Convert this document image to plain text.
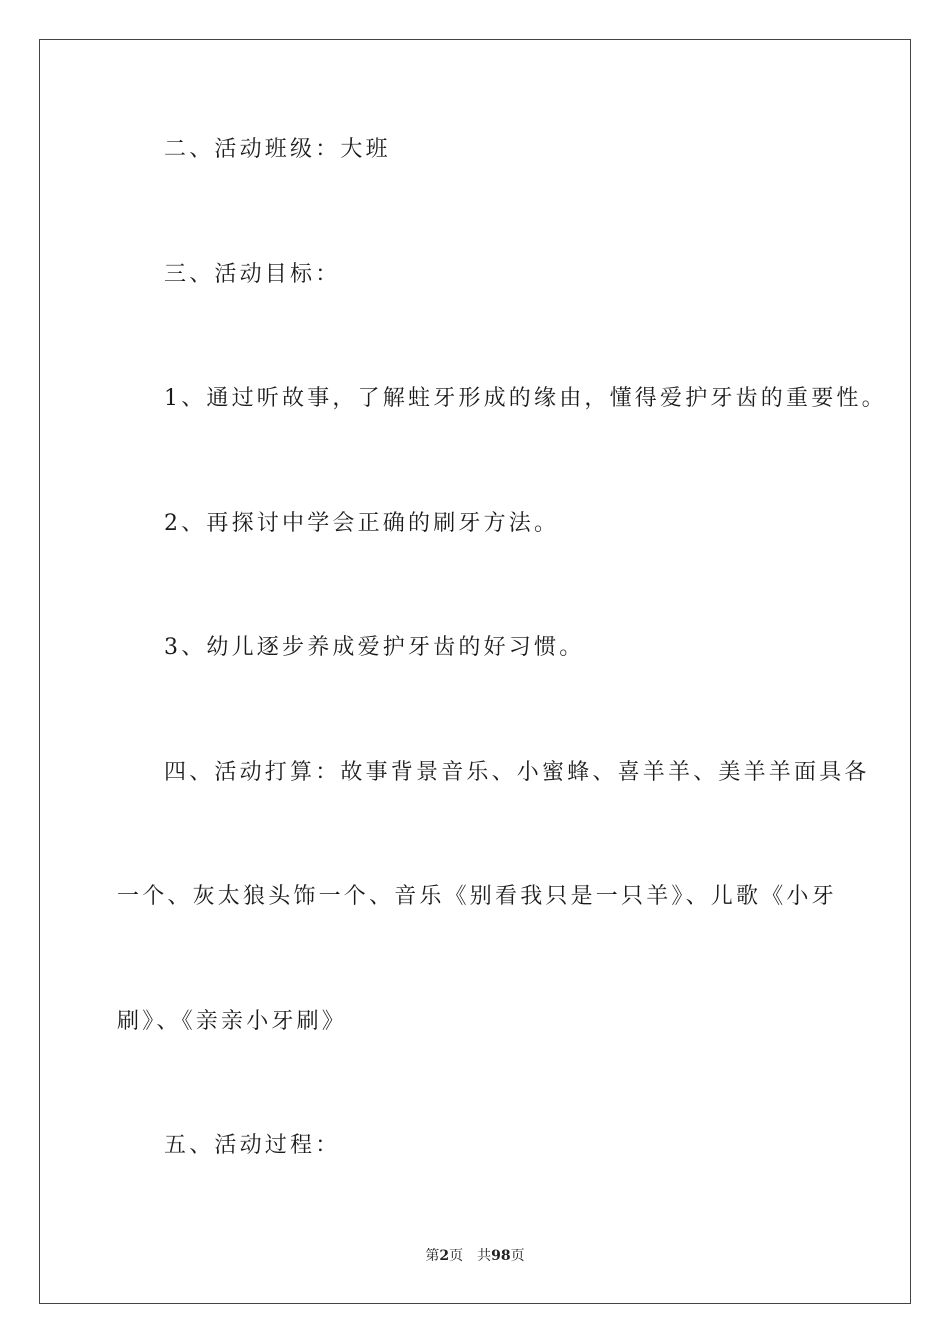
二、活动班级：大班
三、活动目标：
1、通过听故事，了解蛀牙形成的缘由，懂得爱护牙齿的重要性。
2、再探讨中学会正确的刷牙方法。
3、幼儿逐步养成爱护牙齿的好习惯。
四、活动打算：故事背景音乐、小蜜蜂、喜羊羊、美羊羊面具各
一个、灰太狼头饰一个、音乐《别看我只是一只羊》、儿歌《小牙
刷》、《亲亲小牙刷》
五、活动过程：
第2页 共98页
